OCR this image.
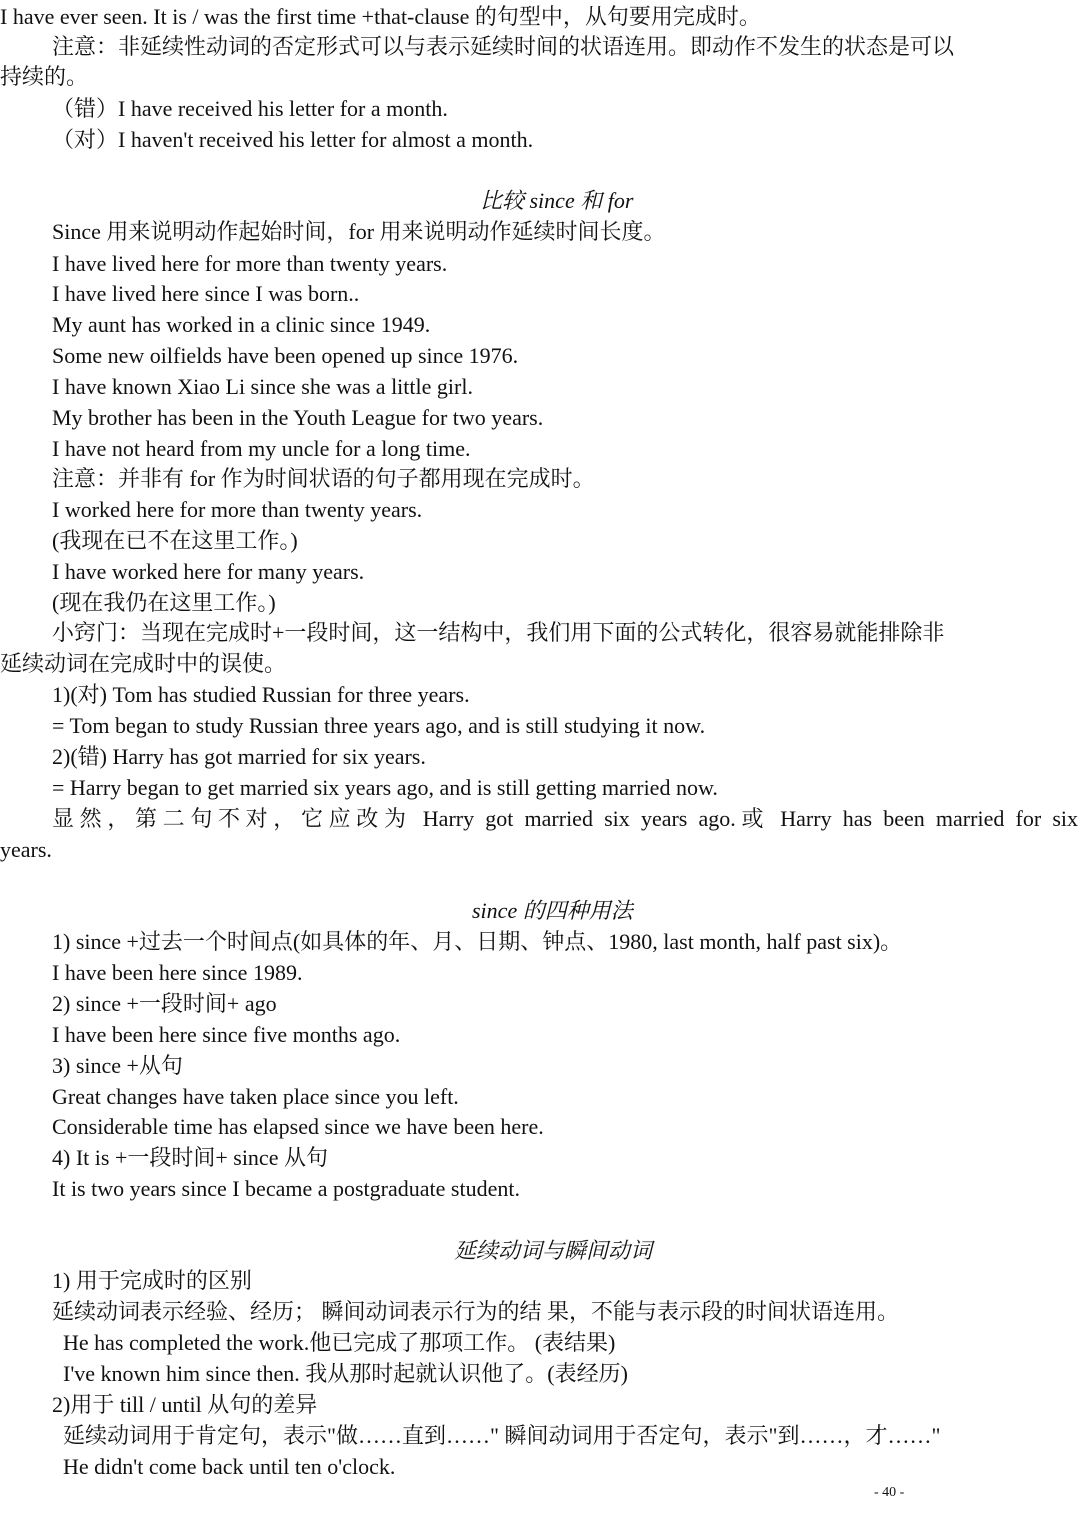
I have ever seen. It is / was the first time +that-clause 的句型中，从句要用完成时。
注意：非延续性动词的否定形式可以与表示延续时间的状语连用。即动作不发生的状态是可以
持续的。
（错）I have received his letter for a month.
（对）I haven't received his letter for almost a month.
比较 since 和 for
Since 用来说明动作起始时间，for 用来说明动作延续时间长度。
I have lived here for more than twenty years.
I have lived here since I was born..
My aunt has worked in a clinic since 1949.
Some new oilfields have been opened up since 1976.
I have known Xiao Li since she was a little girl.
My brother has been in the Youth League for two years.
I have not heard from my uncle for a long time.
注意：并非有 for 作为时间状语的句子都用现在完成时。
I worked here for more than twenty years.
(我现在已不在这里工作。)
I have worked here for many years.
(现在我仍在这里工作。)
小窍门：当现在完成时+一段时间，这一结构中，我们用下面的公式转化，很容易就能排除非
延续动词在完成时中的误使。
1)(对) Tom has studied Russian for three years.
= Tom began to study Russian three years ago, and is still studying it now.
2)(错) Harry has got married for six years.
= Harry began to get married six years ago, and is still getting married now.
显然，第二句不对，它应改为 Harry got married six years ago.或 Harry has been married for six
years.
since 的四种用法
1) since +过去一个时间点(如具体的年、月、日期、钟点、1980, last month, half past six)。
I have been here since 1989.
2) since +一段时间+ ago
I have been here since five months ago.
3) since +从句
Great changes have taken place since you left.
Considerable time has elapsed since we have been here.
4) It is +一段时间+ since 从句
It is two years since I became a postgraduate student.
延续动词与瞬间动词
1) 用于完成时的区别
延续动词表示经验、经历； 瞬间动词表示行为的结 果，不能与表示段的时间状语连用。
He has completed the work.他已完成了那项工作。 (表结果)
I've known him since then. 我从那时起就认识他了。(表经历)
2)用于 till / until 从句的差异
延续动词用于肯定句，表示"做……直到……" 瞬间动词用于否定句，表示"到……，才……"
He didn't come back until ten o'clock.
- 40 -
